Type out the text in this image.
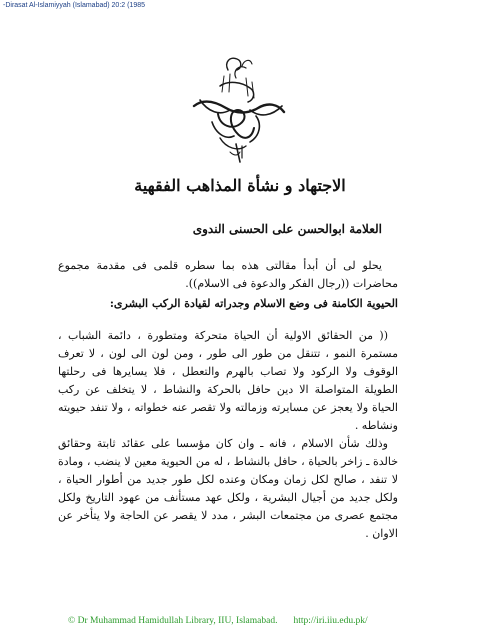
-Dirasat Al-Islamiyyah (Islamabad) 20:2 (1985
الاجتهاد و نشأة المذاهب الفقهية
العلامة ابوالحسن على الحسنى الندوى

يحلو لى أن أبدأ مقالتى هذه بما سطره قلمى فى مقدمة مجموع محاضرات ((رجال الفكر والدعوة فى الاسلام)).

الحيوية الكامنة فى وضع الاسلام وجدراته لقيادة الركب البشرى:

(( من الحقائق الاولية أن الحياة متحركة ومتطورة ، دائمة الشباب ، مستمرة النمو ، تتنقل من طور الى طور ، ومن لون الى لون ، لا تعرف الوقوف ولا الركود ولا تصاب بالهرم والتعطل ، فلا يسايرها فى رحلتها الطويلة المتواصلة الا دين حافل بالحركة والنشاط ، لا يتخلف عن ركب الحياة ولا يعجز عن مسايرته وزمالته ولا تقصر عنه خطواته ، ولا تنفد حيويته ونشاطه .

وذلك شأن الاسلام ، فانه ـ وان كان مؤسسا على عقائد ثابتة وحقائق خالدة ـ زاخر بالحياة ، حافل بالنشاط ، له من الحيوية معين لا ينضب ، ومادة لا تنفد ، صالح لكل زمان ومكان وعنده لكل طور جديد من أطوار الحياة ، ولكل جديد من أجيال البشرية ، ولكل عهد مستأنف من عهود التاريخ ولكل مجتمع عصرى من مجتمعات البشر ، مدد لا يقصر عن الحاجة ولا يتأخر عن الاوان .

© Dr Muhammad Hamidullah Library, IIU, Islamabad. http://iri.iiu.edu.pk/
